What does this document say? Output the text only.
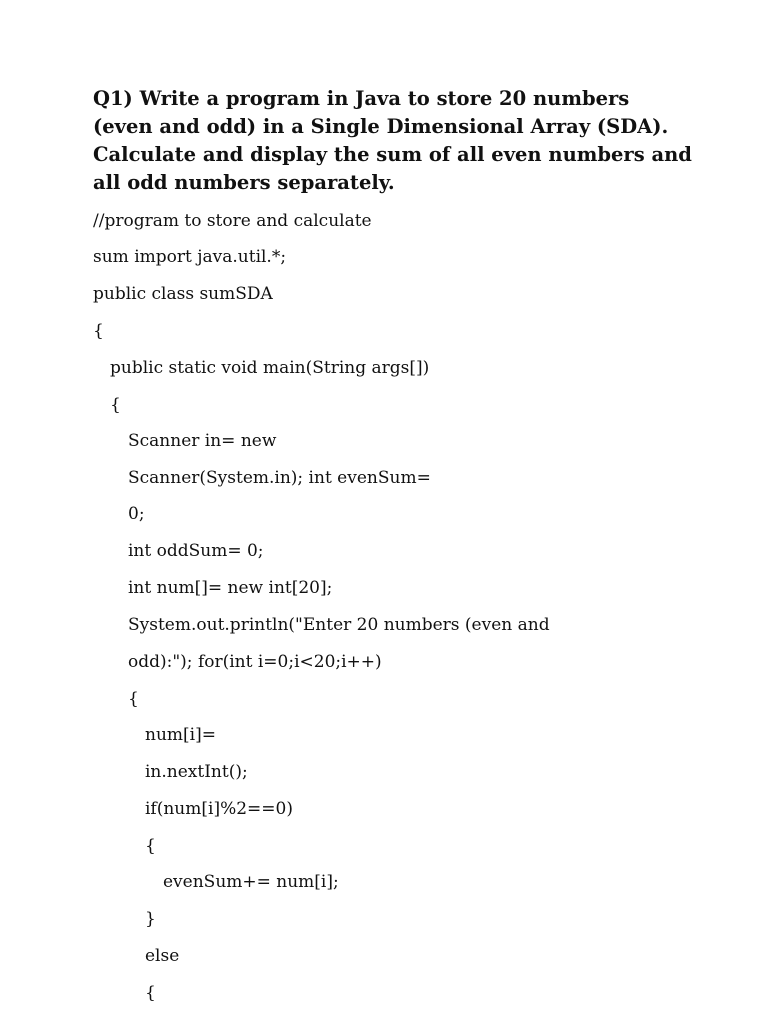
Q1) Write a program in Java to store 20 numbers (even and odd) in a Single Dimensional Array (SDA). Calculate and display the sum of all even numbers and all odd numbers separately.

//program to store and calculate

sum import java.util.*;

public class sumSDA

{

public static void main(String args[])

{

Scanner in= new

Scanner(System.in); int evenSum=

0;

int oddSum= 0;

int num[]= new int[20];

System.out.println("Enter 20 numbers (even and

odd):"); for(int i=0;i<20;i++)

{

num[i]=

in.nextInt();

if(num[i]%2==0)

{

evenSum+= num[i];

}

else

{
